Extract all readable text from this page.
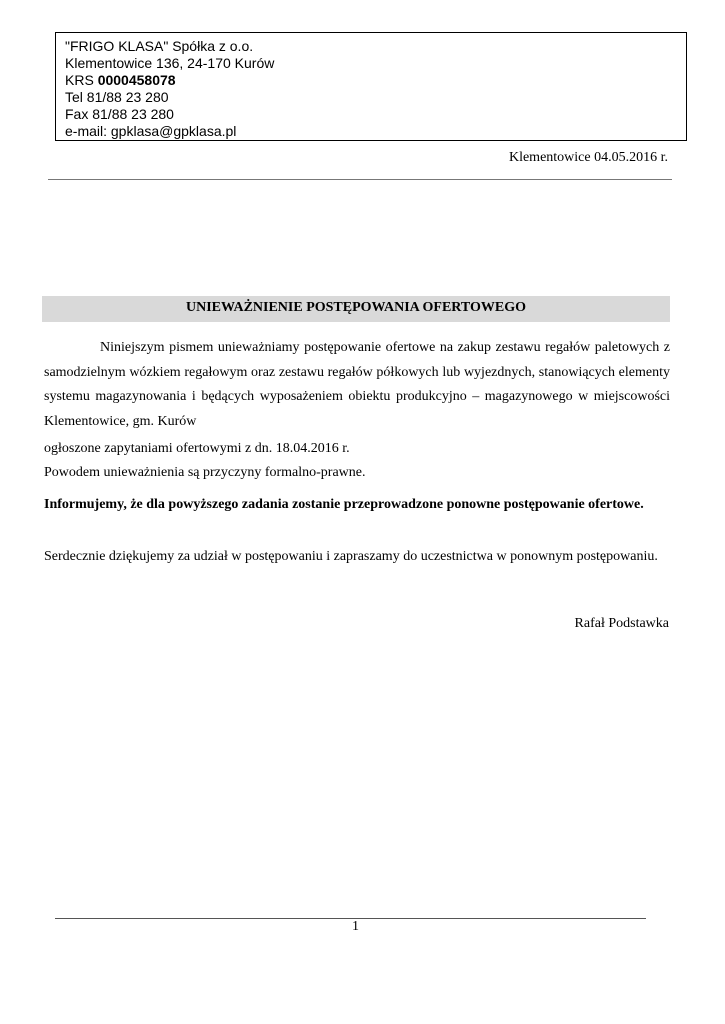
"FRIGO KLASA" Spółka z o.o.
Klementowice 136, 24-170 Kurów
KRS 0000458078
Tel 81/88 23 280
Fax 81/88 23 280
e-mail: gpklasa@gpklasa.pl
Klementowice 04.05.2016 r.
UNIEWAŻNIENIE POSTĘPOWANIA OFERTOWEGO
Niniejszym pismem unieważniamy postępowanie ofertowe na zakup zestawu regałów paletowych z samodzielnym wózkiem regałowym oraz zestawu regałów półkowych lub wyjezdnych, stanowiących elementy systemu magazynowania i będących wyposażeniem obiektu produkcyjno – magazynowego w miejscowości Klementowice, gm. Kurów
ogłoszone zapytaniami ofertowymi z dn. 18.04.2016 r.
Powodem unieważnienia są przyczyny formalno-prawne.
Informujemy, że dla powyższego zadania zostanie przeprowadzone ponowne postępowanie ofertowe.
Serdecznie dziękujemy za udział w postępowaniu i zapraszamy do uczestnictwa w ponownym postępowaniu.
Rafał Podstawka
1
